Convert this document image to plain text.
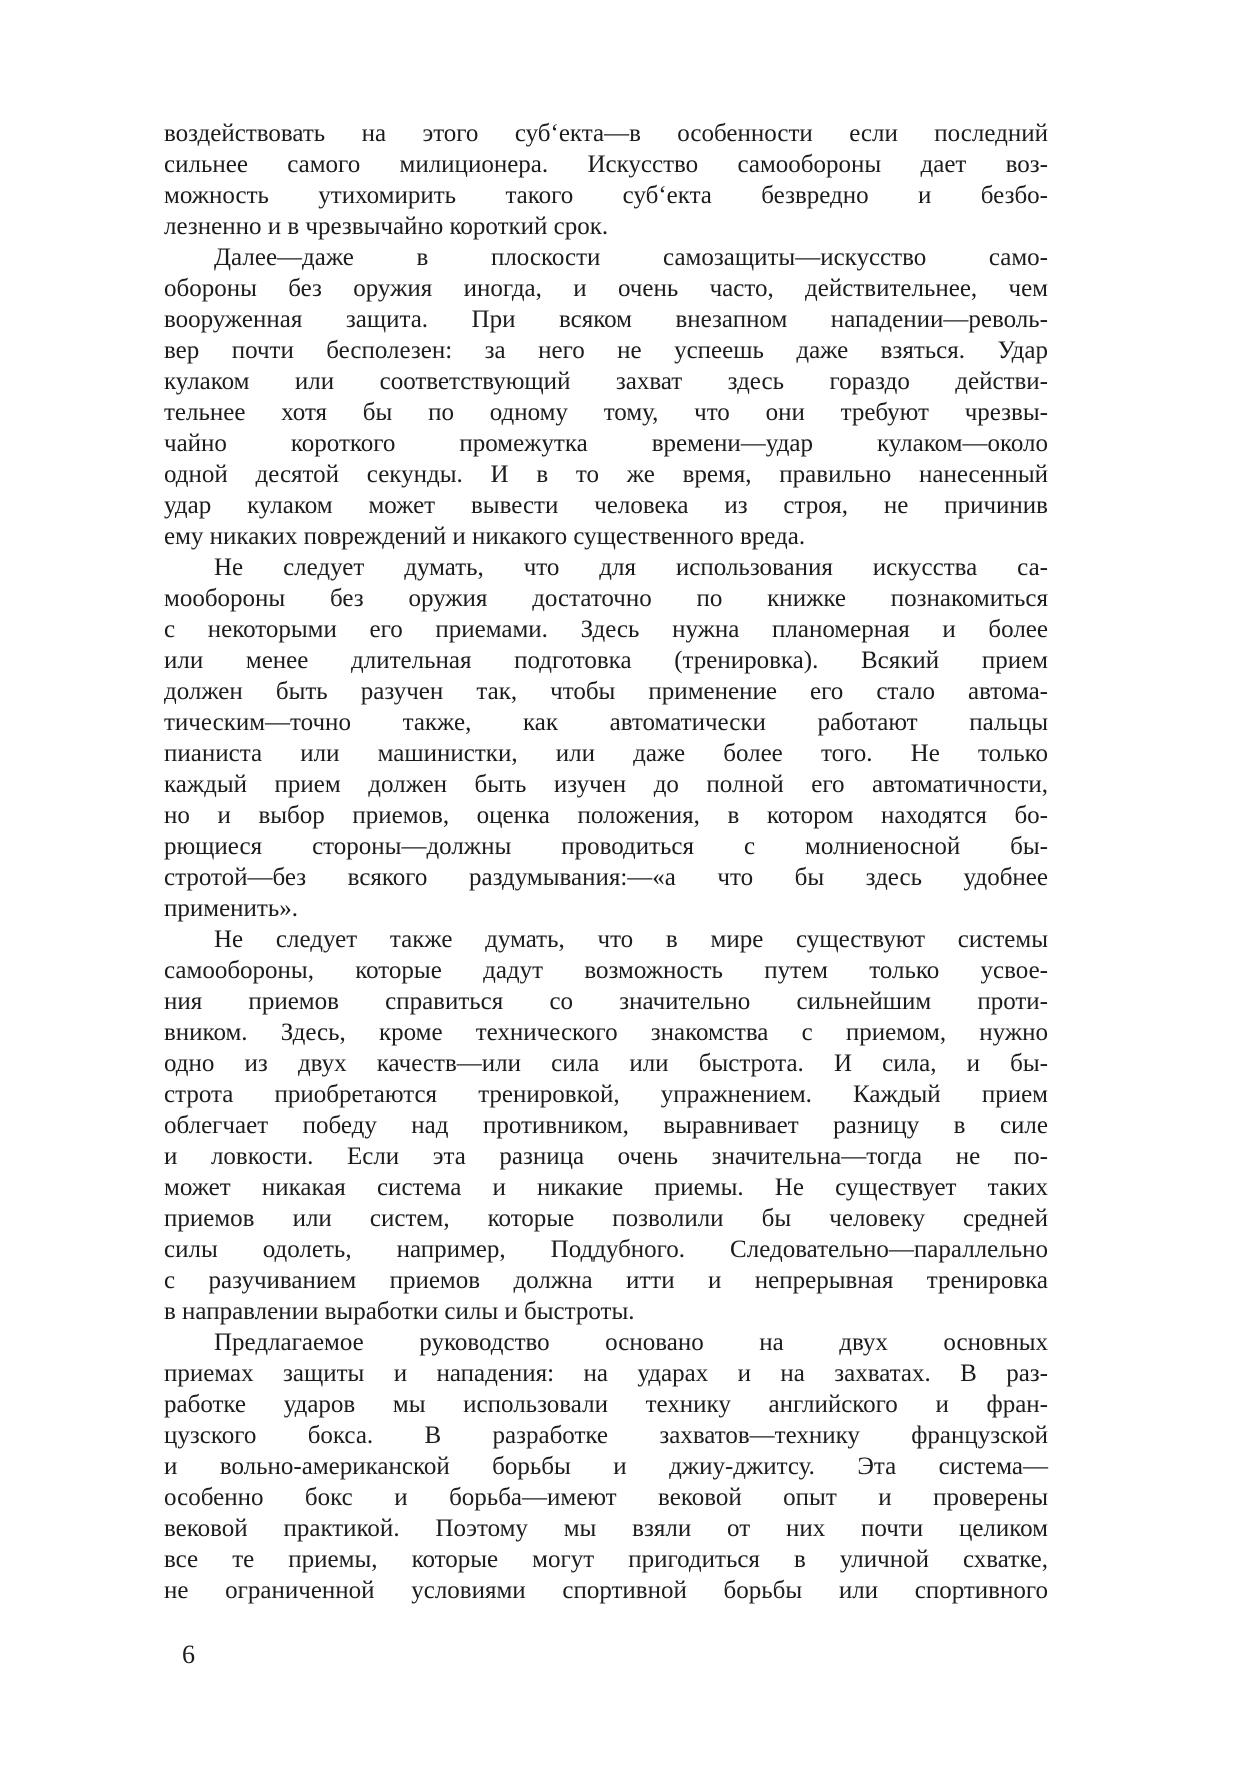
воздействовать на этого суб‘екта—в особенности если последний
сильнее самого милиционера. Искусство самообороны дает воз-
можность утихомирить такого суб‘екта безвредно и безбо-
лезненно и в чрезвычайно короткий срок.
  Далее—даже в плоскости самозащиты—искусство само-
обороны без оружия иногда, и очень часто, действительнее, чем
вооруженная защита. При всяком внезапном нападении—револь-
вер почти бесполезен: за него не успеешь даже взяться. Удар
кулаком или соответствующий захват здесь гораздо действи-
тельнее хотя бы по одному тому, что они требуют чрезвы-
чайно короткого промежутка времени—удар кулаком—около
одной десятой секунды. И в то же время, правильно нанесенный
удар кулаком может вывести человека из строя, не причинив
ему никаких повреждений и никакого существенного вреда.
  Не следует думать, что для использования искусства са-
мообороны без оружия достаточно по книжке познакомиться
с некоторыми его приемами. Здесь нужна планомерная и более
или менее длительная подготовка (тренировка). Всякий прием
должен быть разучен так, чтобы применение его стало автома-
тическим—точно также, как автоматически работают пальцы
пианиста или машинистки, или даже более того. Не только
каждый прием должен быть изучен до полной его автоматичности,
но и выбор приемов, оценка положения, в котором находятся бо-
рющиеся стороны—должны проводиться с молниеносной бы-
стротой—без всякого раздумывания:—«а что бы здесь удобнее
применить».
  Не следует также думать, что в мире существуют системы
самообороны, которые дадут возможность путем только усвое-
ния приемов справиться со значительно сильнейшим проти-
вником. Здесь, кроме технического знакомства с приемом, нужно
одно из двух качеств—или сила или быстрота. И сила, и бы-
строта приобретаются тренировкой, упражнением. Каждый прием
облегчает победу над противником, выравнивает разницу в силе
и ловкости. Если эта разница очень значительна—тогда не по-
может никакая система и никакие приемы. Не существует таких
приемов или систем, которые позволили бы человеку средней
силы одолеть, например, Поддубного. Следовательно—параллельно
с разучиванием приемов должна итти и непрерывная тренировка
в направлении выработки силы и быстроты.
  Предлагаемое руководство основано на двух основных
приемах защиты и нападения: на ударах и на захватах. В раз-
работке ударов мы использовали технику английского и фран-
цузского бокса. В разработке захватов—технику французской
и вольно-американской борьбы и джиу-джитсу. Эта система—
особенно бокс и борьба—имеют вековой опыт и проверены
вековой практикой. Поэтому мы взяли от них почти целиком
все те приемы, которые могут пригодиться в уличной схватке,
не ограниченной условиями спортивной борьбы или спортивного
6
